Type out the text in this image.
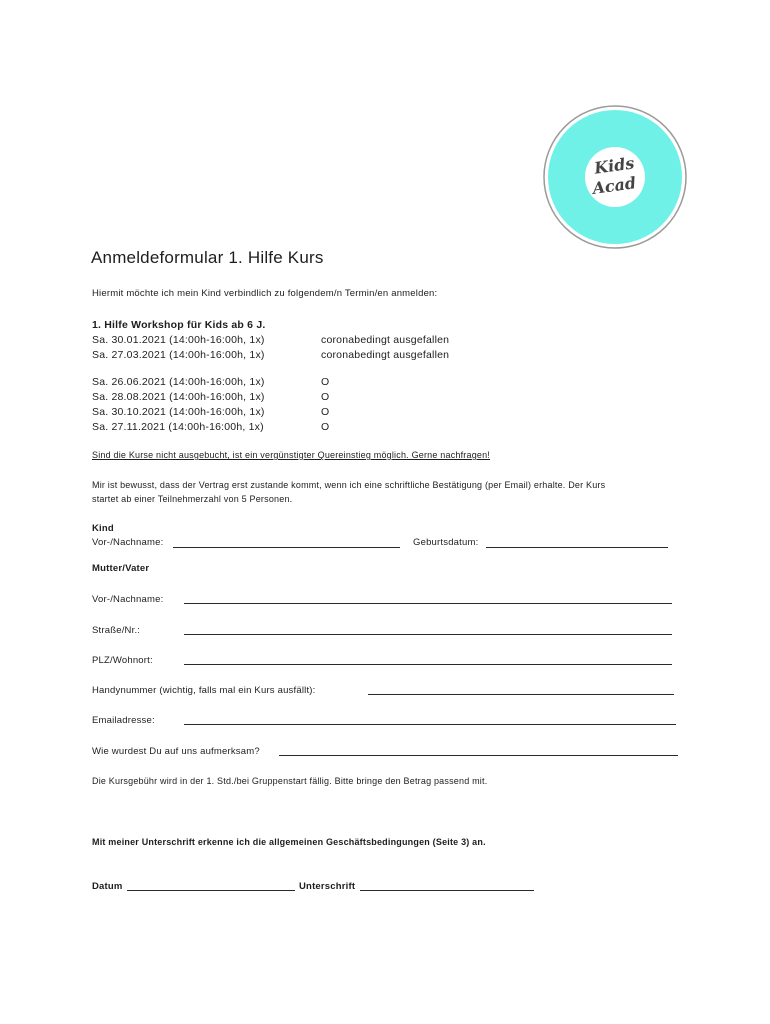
Kids
Acad
Anmeldeformular 1. Hilfe Kurs
Hiermit möchte ich mein Kind verbindlich zu folgendem/n Termin/en anmelden:
1. Hilfe Workshop für Kids ab 6 J.
Sa. 30.01.2021 (14:00h-16:00h, 1x)	coronabedingt ausgefallen
Sa. 27.03.2021 (14:00h-16:00h, 1x)	coronabedingt ausgefallen
Sa. 26.06.2021 (14:00h-16:00h, 1x)	O
Sa. 28.08.2021 (14:00h-16:00h, 1x)	O
Sa. 30.10.2021 (14:00h-16:00h, 1x)	O
Sa. 27.11.2021 (14:00h-16:00h, 1x)	O
Sind die Kurse nicht ausgebucht, ist ein vergünstigter Quereinstieg möglich. Gerne nachfragen!
Mir ist bewusst, dass der Vertrag erst zustande kommt, wenn ich eine schriftliche Bestätigung (per Email) erhalte. Der Kurs
startet ab einer Teilnehmerzahl von 5 Personen.
Kind
Vor-/Nachname:	Geburtsdatum:
Mutter/Vater
Vor-/Nachname:
Straße/Nr.:
PLZ/Wohnort:
Handynummer (wichtig, falls mal ein Kurs ausfällt):
Emailadresse:
Wie wurdest Du auf uns aufmerksam?
Die Kursgebühr wird in der 1. Std./bei Gruppenstart fällig. Bitte bringe den Betrag passend mit.
Mit meiner Unterschrift erkenne ich die allgemeinen Geschäftsbedingungen (Seite 3) an.
Datum	Unterschrift
